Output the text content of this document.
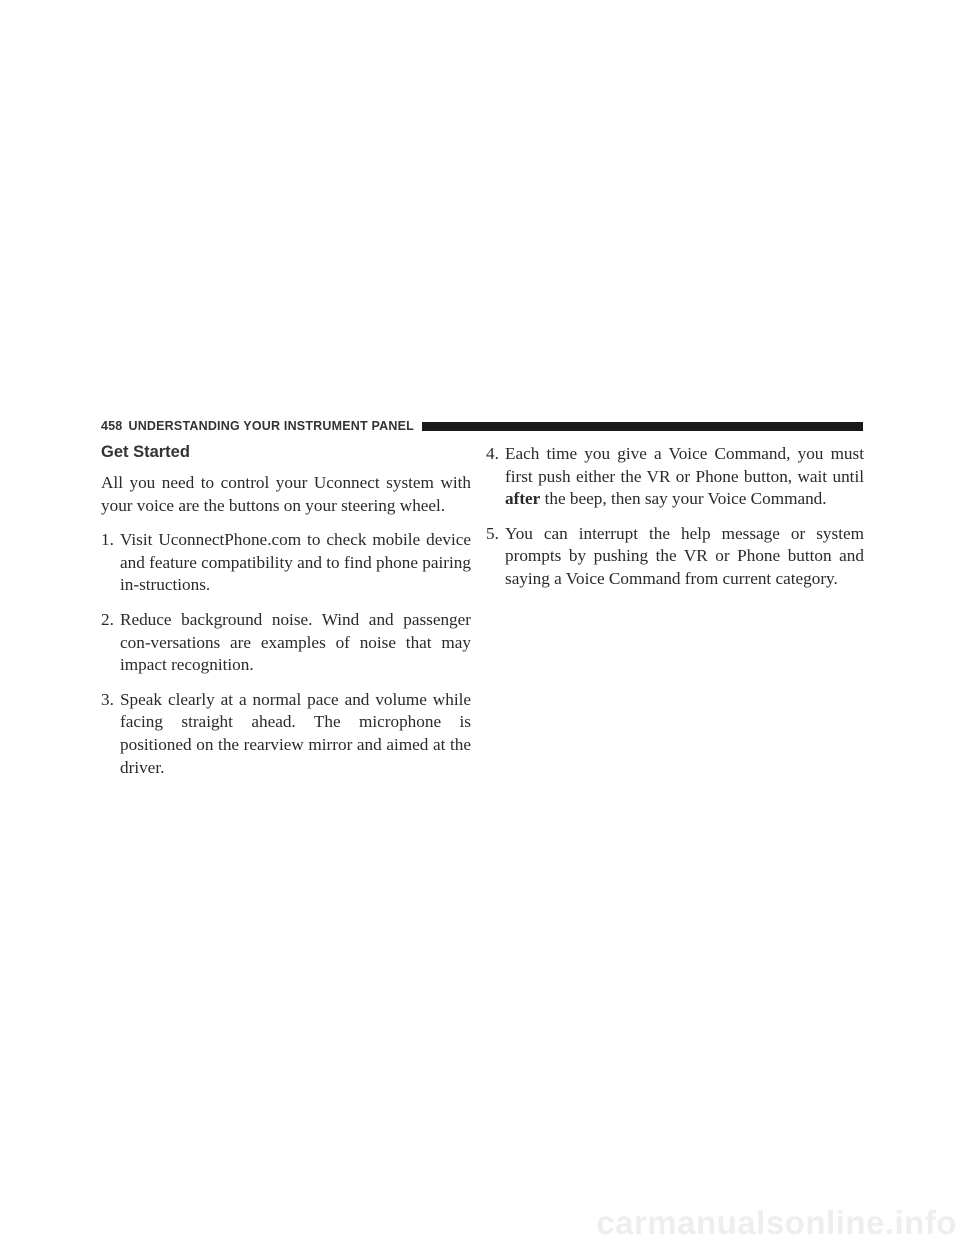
458 UNDERSTANDING YOUR INSTRUMENT PANEL
Get Started

All you need to control your Uconnect system with your voice are the buttons on your steering wheel.

1. Visit UconnectPhone.com to check mobile device and feature compatibility and to find phone pairing in-structions.
2. Reduce background noise. Wind and passenger con-versations are examples of noise that may impact recognition.
3. Speak clearly at a normal pace and volume while facing straight ahead. The microphone is positioned on the rearview mirror and aimed at the driver.
4. Each time you give a Voice Command, you must first push either the VR or Phone button, wait until after the beep, then say your Voice Command.
5. You can interrupt the help message or system prompts by pushing the VR or Phone button and saying a Voice Command from current category.
carmanualsonline.info
